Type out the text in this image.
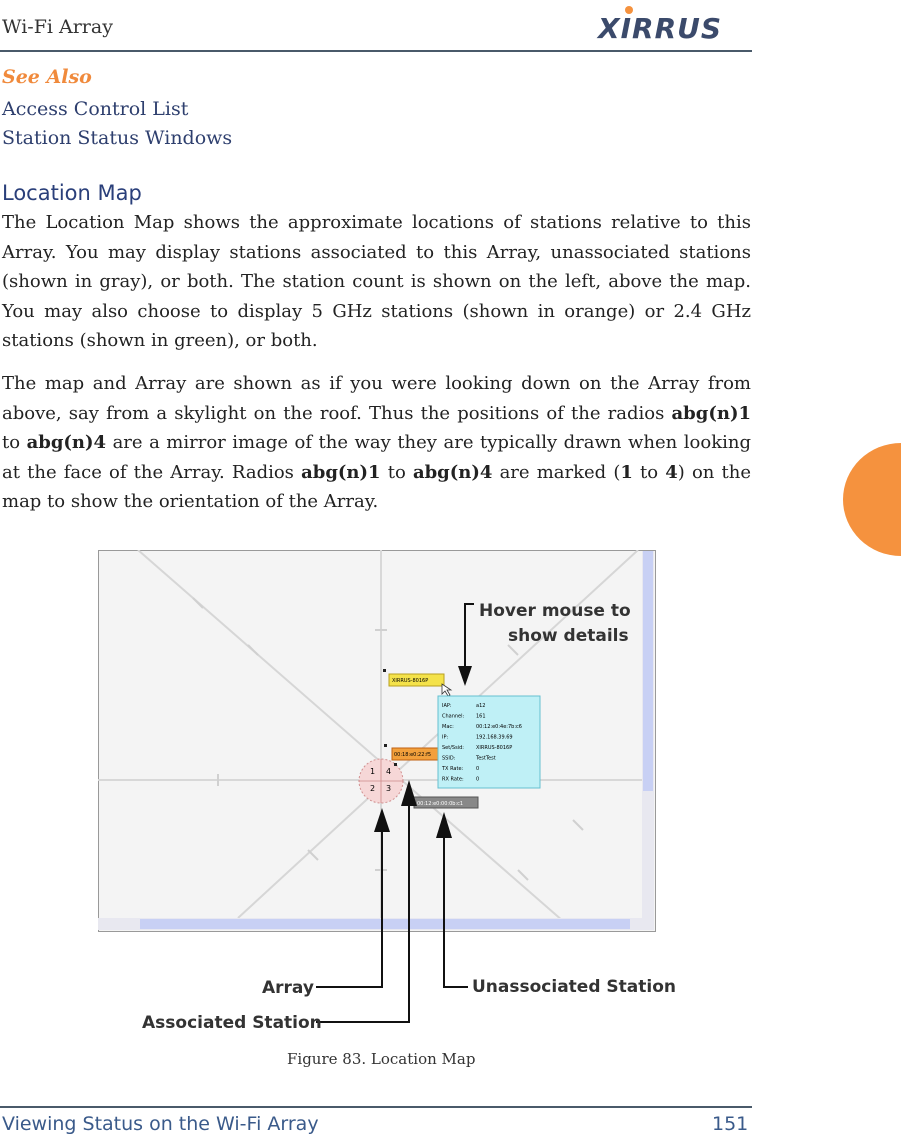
Wi-Fi Array	XIRRUS
See Also
Access Control List
Station Status Windows
Location Map
The Location Map shows the approximate locations of stations relative to this Array. You may display stations associated to this Array, unassociated stations (shown in gray), or both. The station count is shown on the left, above the map. You may also choose to display 5 GHz stations (shown in orange) or 2.4 GHz stations (shown in green), or both.
The map and Array are shown as if you were looking down on the Array from above, say from a skylight on the roof. Thus the positions of the radios abg(n)1 to abg(n)4 are a mirror image of the way they are typically drawn when looking at the face of the Array. Radios abg(n)1 to abg(n)4 are marked (1 to 4) on the map to show the orientation of the Array.
1 4
2 3
XIRRUS-8016P
00:18:e0:22:f5
00:12:e0:00:0b:c1
IAP:	a12
Channel: 161
Mac:	00:12:e0:4e:7b:c6
IP:	192.168.39.69
Set/Ssid: XIRRUS-8016P
SSID:	TestTest
TX Rate:	0
RX Rate: 0
Hover mouse to
show details
Array
Associated Station
Unassociated Station
Figure 83. Location Map
Viewing Status on the Wi-Fi Array	151
